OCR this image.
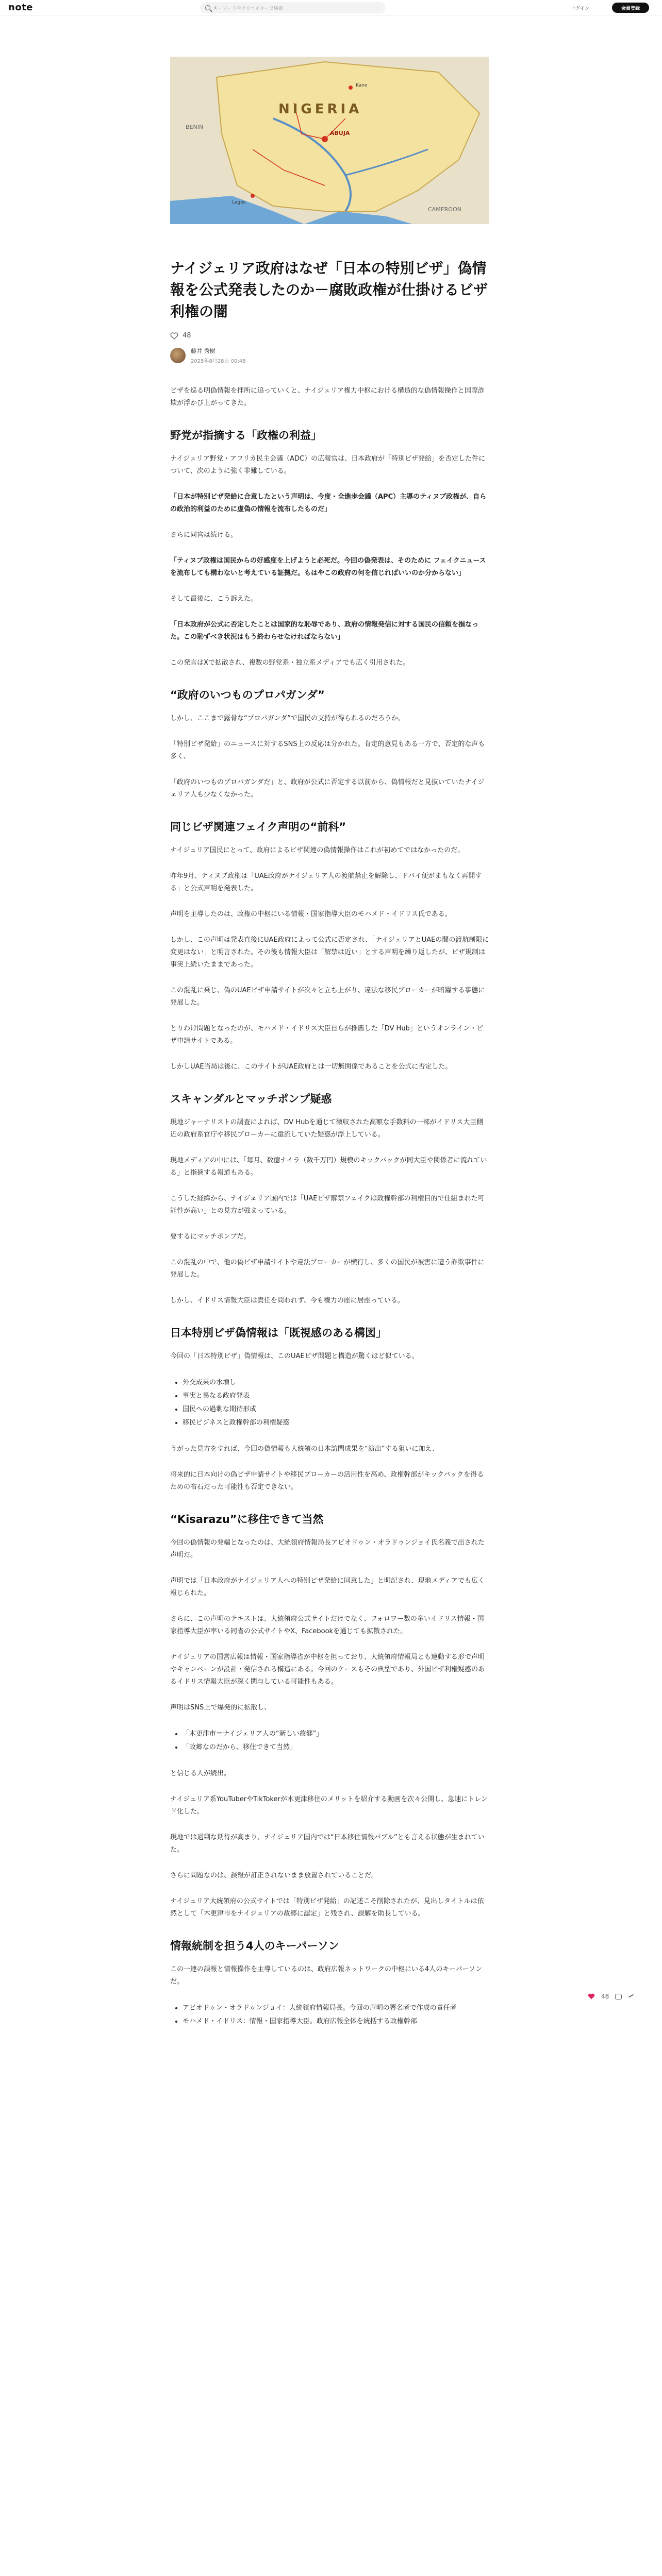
note	キーワードやクリエイターで検索	ログイン	会員登録
NIGERIA
ABUJA
BENIN
CAMEROON
Kano
Lagos
ナイジェリア政府はなぜ「日本の特別ビザ」偽情報を公式発表したのか－腐敗政権が仕掛けるビザ利権の闇
48
藤井 秀樹
2025年8月28日 00:48

ビザを巡る明偽情報を拝所に追っていくと、ナイジェリア権力中枢における構造的な偽情報操作と国際詐欺が浮かび上がってきた。

野党が指摘する「政権の利益」

ナイジェリア野党・アフリカ民主会議（ADC）の広報官は、日本政府が「特別ビザ発給」を否定した件について、次のように強く非難している。

「日本が特別ビザ発給に合意したという声明は、今度・全進歩会議（APC）主導のティヌブ政権が、自らの政治的利益のために虚偽の情報を流布したものだ」

さらに同官は続ける。

「ティヌブ政権は国民からの好感度を上げようと必死だ。今回の偽発表は、そのために フェイクニュースを流布しても構わないと考えている証拠だ。もはやこの政府の何を信じればいいのか分からない」

そして最後に、こう訴えた。

「日本政府が公式に否定したことは国家的な恥辱であり、政府の情報発信に対する国民の信頼を損なった。この恥ずべき状況はもう終わらせなければならない」

この発言はXで拡散され、複数の野党系・独立系メディアでも広く引用された。

“政府のいつものプロパガンダ”

しかし、ここまで露骨な“プロパガンダ”で国民の支持が得られるのだろうか。

「特別ビザ発給」のニュースに対するSNS上の反応は分かれた。肯定的意見もある一方で、否定的な声も多く、

「政府のいつものプロパガンダだ」と、政府が公式に否定する以前から、偽情報だと見抜いていたナイジェリア人も少なくなかった。

同じビザ関連フェイク声明の“前科”

ナイジェリア国民にとって、政府によるビザ関連の偽情報操作はこれが初めてではなかったのだ。

昨年9月、ティヌブ政権は「UAE政府がナイジェリア人の渡航禁止を解除し、ドバイ便がまもなく再開する」と公式声明を発表した。

声明を主導したのは、政権の中枢にいる情報・国家指導大臣のモハメド・イドリス氏である。

しかし、この声明は発表直後にUAE政府によって公式に否定され、「ナイジェリアとUAEの間の渡航制限に変更はない」と明言された。その後も情報大臣は「解禁は近い」とする声明を繰り返したが、ビザ規制は事実上続いたままであった。

この混乱に乗じ、偽のUAEビザ申請サイトが次々と立ち上がり、違法な移民ブローカーが暗躍する事態に発展した。

とりわけ問題となったのが、モハメド・イドリス大臣自らが推薦した「DV Hub」というオンライン・ビザ申請サイトである。

しかしUAE当局は後に、このサイトがUAE政府とは一切無関係であることを公式に否定した。

スキャンダルとマッチポンプ疑惑

現地ジャーナリストの調査によれば、DV Hubを通じて徴収された高額な手数料の一部がイドリス大臣側近の政府系官庁や移民ブローカーに還流していた疑惑が浮上している。

現地メディアの中には、「毎月、数億ナイラ（数千万円）規模のキックバックが同大臣や関係者に流れている」と指摘する報道もある。

こうした経緯から、ナイジェリア国内では「UAEビザ解禁フェイクは政権幹部の利権目的で仕組まれた可能性が高い」との見方が強まっている。

要するにマッチポンプだ。

この混乱の中で、他の偽ビザ申請サイトや違法ブローカーが横行し、多くの国民が被害に遭う詐欺事件に発展した。

しかし、イドリス情報大臣は責任を問われず、今も権力の座に居座っている。

日本特別ビザ偽情報は「既視感のある構図」

今回の「日本特別ビザ」偽情報は、このUAEビザ問題と構造が驚くほど似ている。

• 外交成果の水増し
• 事実と異なる政府発表
• 国民への過剰な期待形成
• 移民ビジネスと政権幹部の利権疑惑

うがった見方をすれば、今回の偽情報も大統領の日本訪問成果を“演出”する狙いに加え、

将来的に日本向けの偽ビザ申請サイトや移民ブローカーの活用性を高め、政権幹部がキックバックを得るための布石だった可能性も否定できない。

“Kisarazu”に移住できて当然

今回の偽情報の発端となったのは、大統領府情報局長アビオドゥン・オラドゥンジョイ氏名義で出された声明だ。

声明では「日本政府がナイジェリア人への特別ビザ発給に同意した」と明記され、現地メディアでも広く報じられた。

さらに、この声明のテキストは、大統領府公式サイトだけでなく、フォロワー数の多いイドリス情報・国家指導大臣が率いる同省の公式サイトやX、Facebookを通じても拡散された。

ナイジェリアの国営広報は情報・国家指導省が中枢を担っており、大統領府情報局とも連動する形で声明やキャンペーンが設計・発信される構造にある。今回のケースもその典型であり、外国ビザ利権疑惑のあるイドリス情報大臣が深く関与している可能性もある。

声明はSNS上で爆発的に拡散し、

• 「木更津市＝ナイジェリア人の“新しい故郷”」
• 「故郷なのだから、移住できて当然」

と信じる人が続出。

ナイジェリア系YouTuberやTikTokerが木更津移住のメリットを紹介する動画を次々公開し、急速にトレンド化した。

現地では過剰な期待が高まり、ナイジェリア国内では“日本移住情報バブル”とも言える状態が生まれていた。

さらに問題なのは、誤報が訂正されないまま放置されていることだ。

ナイジェリア大統領府の公式サイトでは「特別ビザ発給」の記述こそ削除されたが、見出しタイトルは依然として「木更津市をナイジェリアの故郷に認定」と残され、誤解を助長している。

情報統制を担う4人のキーパーソン

この一連の誤報と情報操作を主導しているのは、政府広報ネットワークの中枢にいる4人のキーパーソンだ。

• アビオドゥン・オラドゥンジョイ：大統領府情報局長。今回の声明の署名者で作成の責任者
• モハメド・イドリス：情報・国家指導大臣。政府広報全体を統括する政権幹部
48
